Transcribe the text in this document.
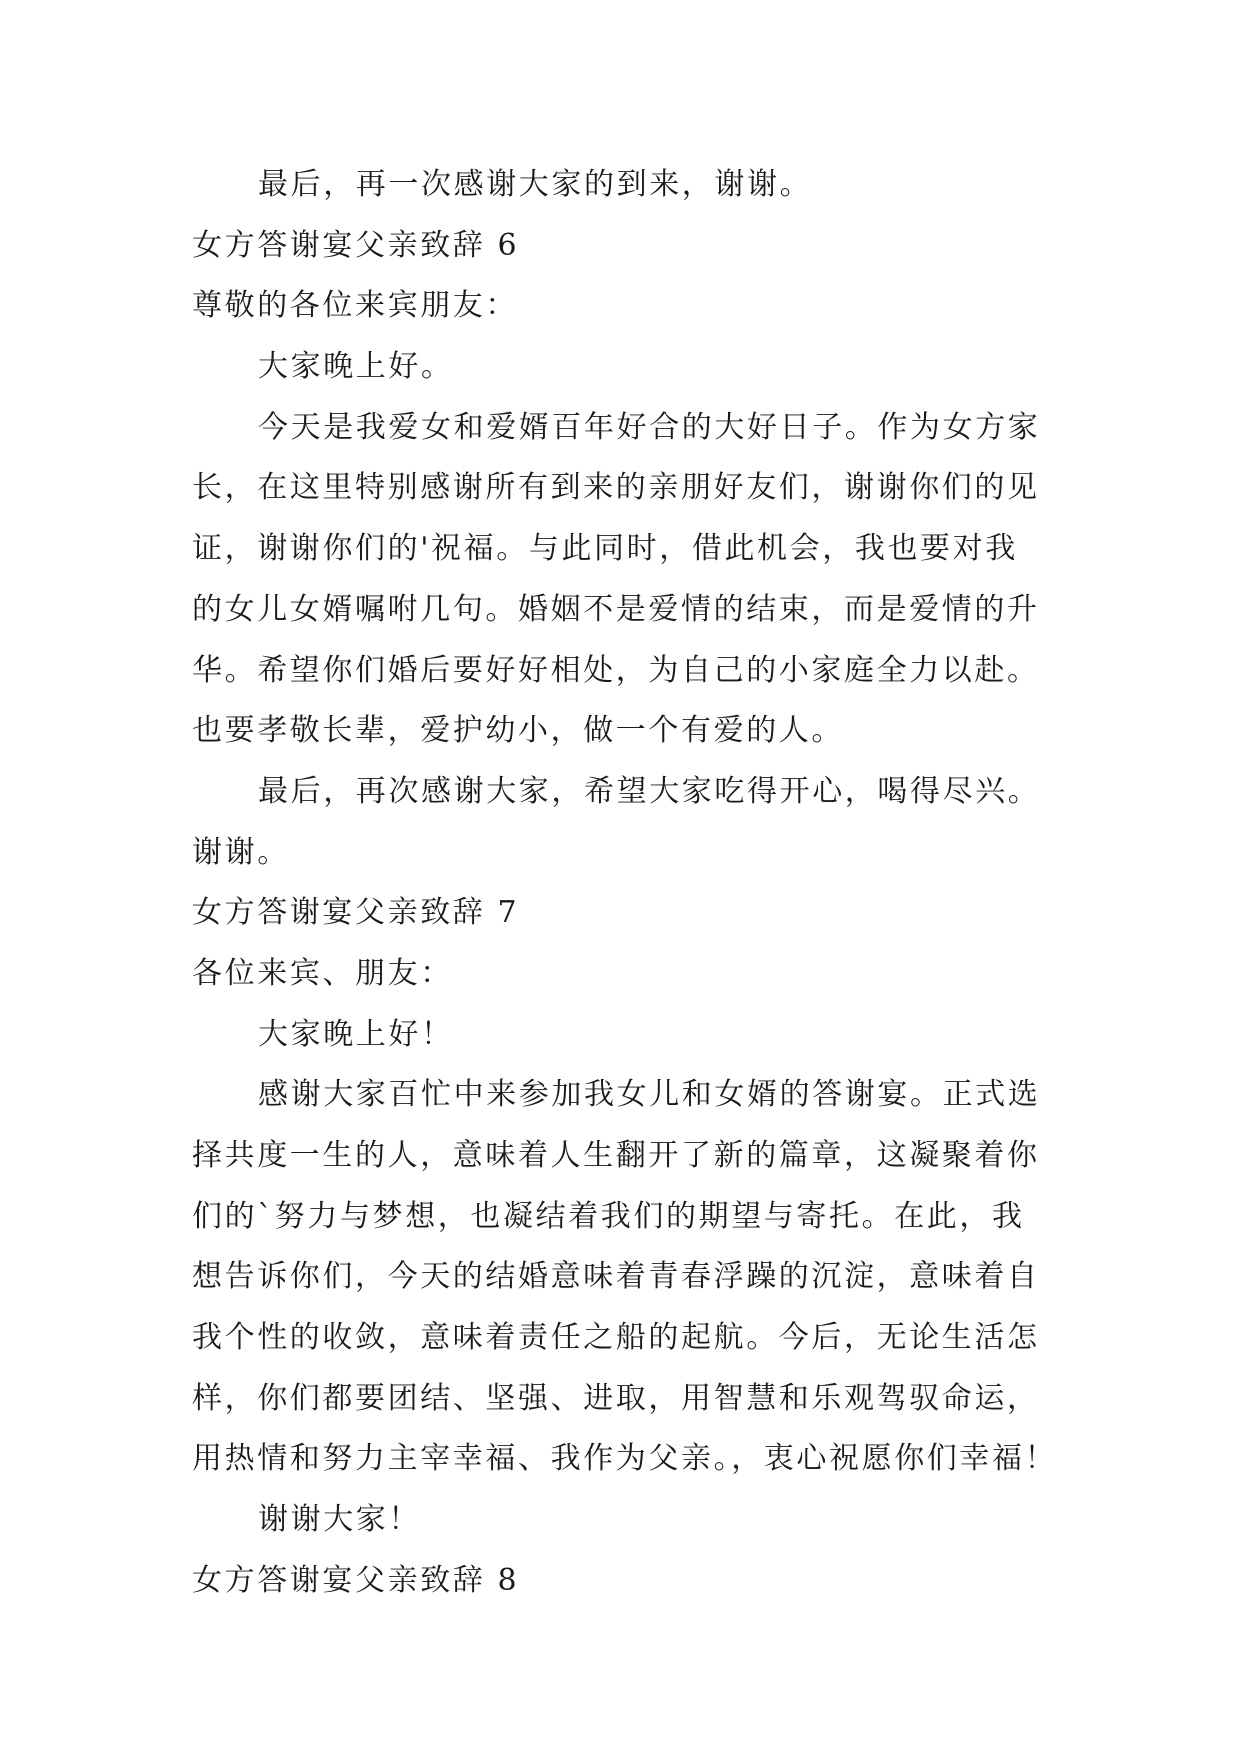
最后，再一次感谢大家的到来，谢谢。
女方答谢宴父亲致辞 6
尊敬的各位来宾朋友：
大家晚上好。
今天是我爱女和爱婿百年好合的大好日子。作为女方家
长，在这里特别感谢所有到来的亲朋好友们，谢谢你们的见
证，谢谢你们的'祝福。与此同时，借此机会，我也要对我
的女儿女婿嘱咐几句。婚姻不是爱情的结束，而是爱情的升
华。希望你们婚后要好好相处，为自己的小家庭全力以赴。
也要孝敬长辈，爱护幼小，做一个有爱的人。
最后，再次感谢大家，希望大家吃得开心，喝得尽兴。
谢谢。
女方答谢宴父亲致辞 7
各位来宾、朋友：
大家晚上好！
感谢大家百忙中来参加我女儿和女婿的答谢宴。正式选
择共度一生的人，意味着人生翻开了新的篇章，这凝聚着你
们的`努力与梦想，也凝结着我们的期望与寄托。在此，我
想告诉你们，今天的结婚意味着青春浮躁的沉淀，意味着自
我个性的收敛，意味着责任之船的起航。今后，无论生活怎
样，你们都要团结、坚强、进取，用智慧和乐观驾驭命运，
用热情和努力主宰幸福、我作为父亲。，衷心祝愿你们幸福！
谢谢大家！
女方答谢宴父亲致辞 8
